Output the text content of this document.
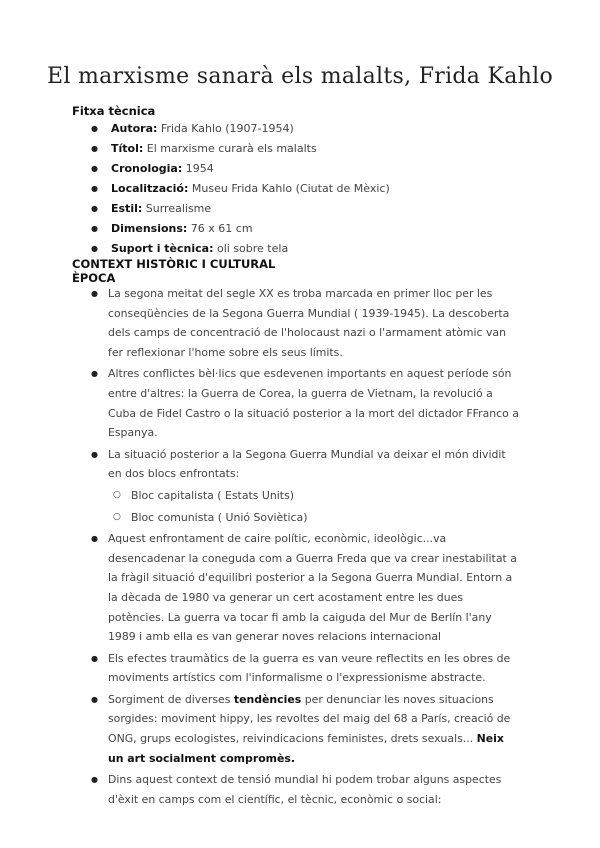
El marxisme sanarà els malalts, Frida Kahlo
Fitxa tècnica
● Autora: Frida Kahlo (1907-1954)
● Títol: El marxisme curarà els malalts
● Cronologia: 1954
● Localització: Museu Frida Kahlo (Ciutat de Mèxic)
● Estil: Surrealisme
● Dimensions: 76 x 61 cm
● Suport i tècnica: oli sobre tela
CONTEXT HISTÒRIC I CULTURAL
ÈPOCA
● La segona meitat del segle XX es troba marcada en primer lloc per les conseqüències de la Segona Guerra Mundial ( 1939-1945). La descoberta dels camps de concentració de l'holocaust nazi o l'armament atòmic van fer reflexionar l'home sobre els seus límits.
● Altres conflictes bèl·lics que esdevenen importants en aquest període són entre d'altres: la Guerra de Corea, la guerra de Vietnam, la revolució a Cuba de Fidel Castro o la situació posterior a la mort del dictador FFranco a Espanya.
● La situació posterior a la Segona Guerra Mundial va deixar el món dividit en dos blocs enfrontats:
○ Bloc capitalista ( Estats Units)
○ Bloc comunista ( Unió Soviètica)
● Aquest enfrontament de caire polític, econòmic, ideològic...va desencadenar la coneguda com a Guerra Freda que va crear inestabilitat a la fràgil situació d'equilibri posterior a la Segona Guerra Mundial. Entorn a la dècada de 1980 va generar un cert acostament entre les dues potències. La guerra va tocar fi amb la caiguda del Mur de Berlín l'any 1989 i amb ella es van generar noves relacions internacional
● Els efectes traumàtics de la guerra es van veure reflectits en les obres de moviments artístics com l'informalisme o l'expressionisme abstracte.
● Sorgiment de diverses tendències per denunciar les noves situacions sorgides: moviment hippy, les revoltes del maig del 68 a París, creació de ONG, grups ecologistes, reivindicacions feministes, drets sexuals... Neix un art socialment compromès.
● Dins aquest context de tensió mundial hi podem trobar alguns aspectes d'èxit en camps com el científic, el tècnic, econòmic o social:
